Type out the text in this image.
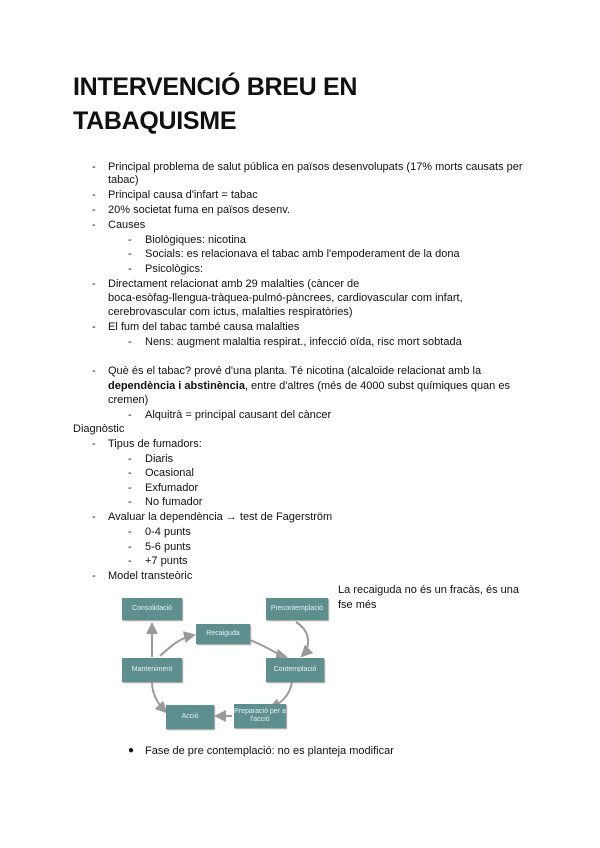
INTERVENCIÓ BREU EN TABAQUISME
- Principal problema de salut pública en països desenvolupats (17% morts causats per
tabac)
- Principal causa d'infart = tabac
- 20% societat fuma en països desenv.
- Causes
- Biològiques: nicotina
- Socials: es relacionava el tabac amb l'empoderament de la dona
- Psicològics:
- Directament relacionat amb 29 malalties (càncer de
boca-esòfag-llengua-tràquea-pulmó-pàncrees, cardiovascular com infart,
cerebrovascular com ictus, malalties respiratòries)
- El fum del tabac també causa malalties
- Nens: augment malaltia respirat., infecció oïda, risc mort sobtada
- Què és el tabac? prové d'una planta. Té nicotina (alcaloide relacionat amb la
dependència i abstinència, entre d'altres (més de 4000 subst químiques quan es
cremen)
- Alquitrà = principal causant del càncer
Diagnòstic
- Tipus de fumadors:
- Diaris
- Ocasional
- Exfumador
- No fumador
- Avaluar la dependència → test de Fagerström
- 0-4 punts
- 5-6 punts
- +7 punts
- Model transteòric
La recaiguda no és un fracàs, és una
fse més
Consolidació	Precontemplació
Recaiguda
Manteniment	Contemplació
Acció
Preparació per a l'acció
● Fase de pre contemplació: no es planteja modificar
